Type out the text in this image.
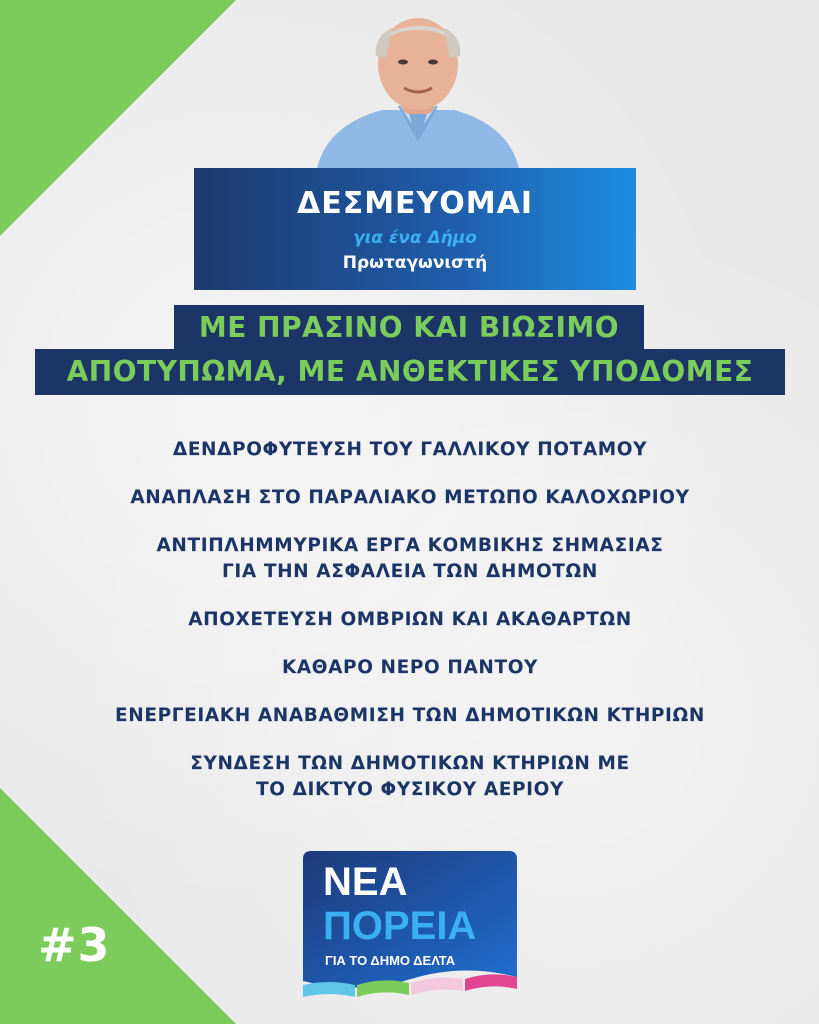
#3
ΔΕΣΜΕΥΟΜΑΙ
για ένα Δήμο
Πρωταγωνιστή
ΜΕ ΠΡΑΣΙΝΟ ΚΑΙ ΒΙΩΣΙΜΟ
ΑΠΟΤΥΠΩΜΑ, ΜΕ ΑΝΘΕΚΤΙΚΕΣ ΥΠΟΔΟΜΕΣ
ΔΕΝΔΡΟΦΥΤΕΥΣΗ ΤΟΥ ΓΑΛΛΙΚΟΥ ΠΟΤΑΜΟΥ
ΑΝΑΠΛΑΣΗ ΣΤΟ ΠΑΡΑΛΙΑΚΟ ΜΕΤΩΠΟ ΚΑΛΟΧΩΡΙΟΥ
ΑΝΤΙΠΛΗΜΜΥΡΙΚΑ ΕΡΓΑ ΚΟΜΒΙΚΗΣ ΣΗΜΑΣΙΑΣ
ΓΙΑ ΤΗΝ ΑΣΦΑΛΕΙΑ ΤΩΝ ΔΗΜΟΤΩΝ
ΑΠΟΧΕΤΕΥΣΗ ΟΜΒΡΙΩΝ ΚΑΙ ΑΚΑΘΑΡΤΩΝ
ΚΑΘΑΡΟ ΝΕΡΟ ΠΑΝΤΟΥ
ΕΝΕΡΓΕΙΑΚΗ ΑΝΑΒΑΘΜΙΣΗ ΤΩΝ ΔΗΜΟΤΙΚΩΝ ΚΤΗΡΙΩΝ
ΣΥΝΔΕΣΗ ΤΩΝ ΔΗΜΟΤΙΚΩΝ ΚΤΗΡΙΩΝ ΜΕ
ΤΟ ΔΙΚΤΥΟ ΦΥΣΙΚΟΥ ΑΕΡΙΟΥ
ΝΕΑ
ΠΟΡΕΙΑ
ΓΙΑ ΤΟ ΔΗΜΟ ΔΕΛΤΑ
